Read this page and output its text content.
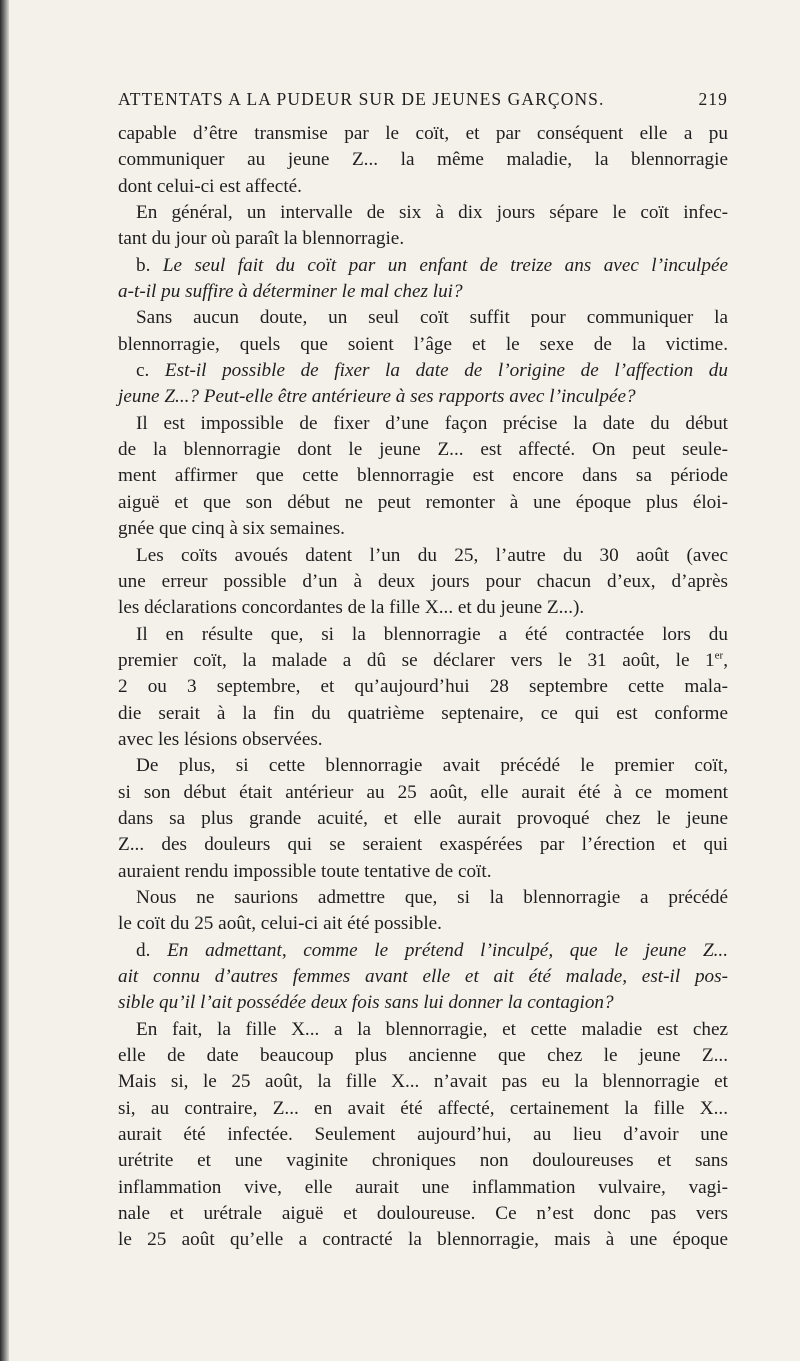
ATTENTATS A LA PUDEUR SUR DE JEUNES GARÇONS.	219
capable d’être transmise par le coït, et par conséquent elle a pu
communiquer au jeune Z... la même maladie, la blennorragie
dont celui-ci est affecté.
En général, un intervalle de six à dix jours sépare le coït infec-
tant du jour où paraît la blennorragie.
b. Le seul fait du coït par un enfant de treize ans avec l’inculpée
a-t-il pu suffire à déterminer le mal chez lui?
Sans aucun doute, un seul coït suffit pour communiquer la
blennorragie, quels que soient l’âge et le sexe de la victime.
c. Est-il possible de fixer la date de l’origine de l’affection du
jeune Z...? Peut-elle être antérieure à ses rapports avec l’inculpée?
Il est impossible de fixer d’une façon précise la date du début
de la blennorragie dont le jeune Z... est affecté. On peut seule-
ment affirmer que cette blennorragie est encore dans sa période
aiguë et que son début ne peut remonter à une époque plus éloi-
gnée que cinq à six semaines.
Les coïts avoués datent l’un du 25, l’autre du 30 août (avec
une erreur possible d’un à deux jours pour chacun d’eux, d’après
les déclarations concordantes de la fille X... et du jeune Z...).
Il en résulte que, si la blennorragie a été contractée lors du
premier coït, la malade a dû se déclarer vers le 31 août, le 1er,
2 ou 3 septembre, et qu’aujourd’hui 28 septembre cette mala-
die serait à la fin du quatrième septenaire, ce qui est conforme
avec les lésions observées.
De plus, si cette blennorragie avait précédé le premier coït,
si son début était antérieur au 25 août, elle aurait été à ce moment
dans sa plus grande acuité, et elle aurait provoqué chez le jeune
Z... des douleurs qui se seraient exaspérées par l’érection et qui
auraient rendu impossible toute tentative de coït.
Nous ne saurions admettre que, si la blennorragie a précédé
le coït du 25 août, celui-ci ait été possible.
d. En admettant, comme le prétend l’inculpé, que le jeune Z...
ait connu d’autres femmes avant elle et ait été malade, est-il pos-
sible qu’il l’ait possédée deux fois sans lui donner la contagion?
En fait, la fille X... a la blennorragie, et cette maladie est chez
elle de date beaucoup plus ancienne que chez le jeune Z...
Mais si, le 25 août, la fille X... n’avait pas eu la blennorragie et
si, au contraire, Z... en avait été affecté, certainement la fille X...
aurait été infectée. Seulement aujourd’hui, au lieu d’avoir une
urétrite et une vaginite chroniques non douloureuses et sans
inflammation vive, elle aurait une inflammation vulvaire, vagi-
nale et urétrale aiguë et douloureuse. Ce n’est donc pas vers
le 25 août qu’elle a contracté la blennorragie, mais à une époque
